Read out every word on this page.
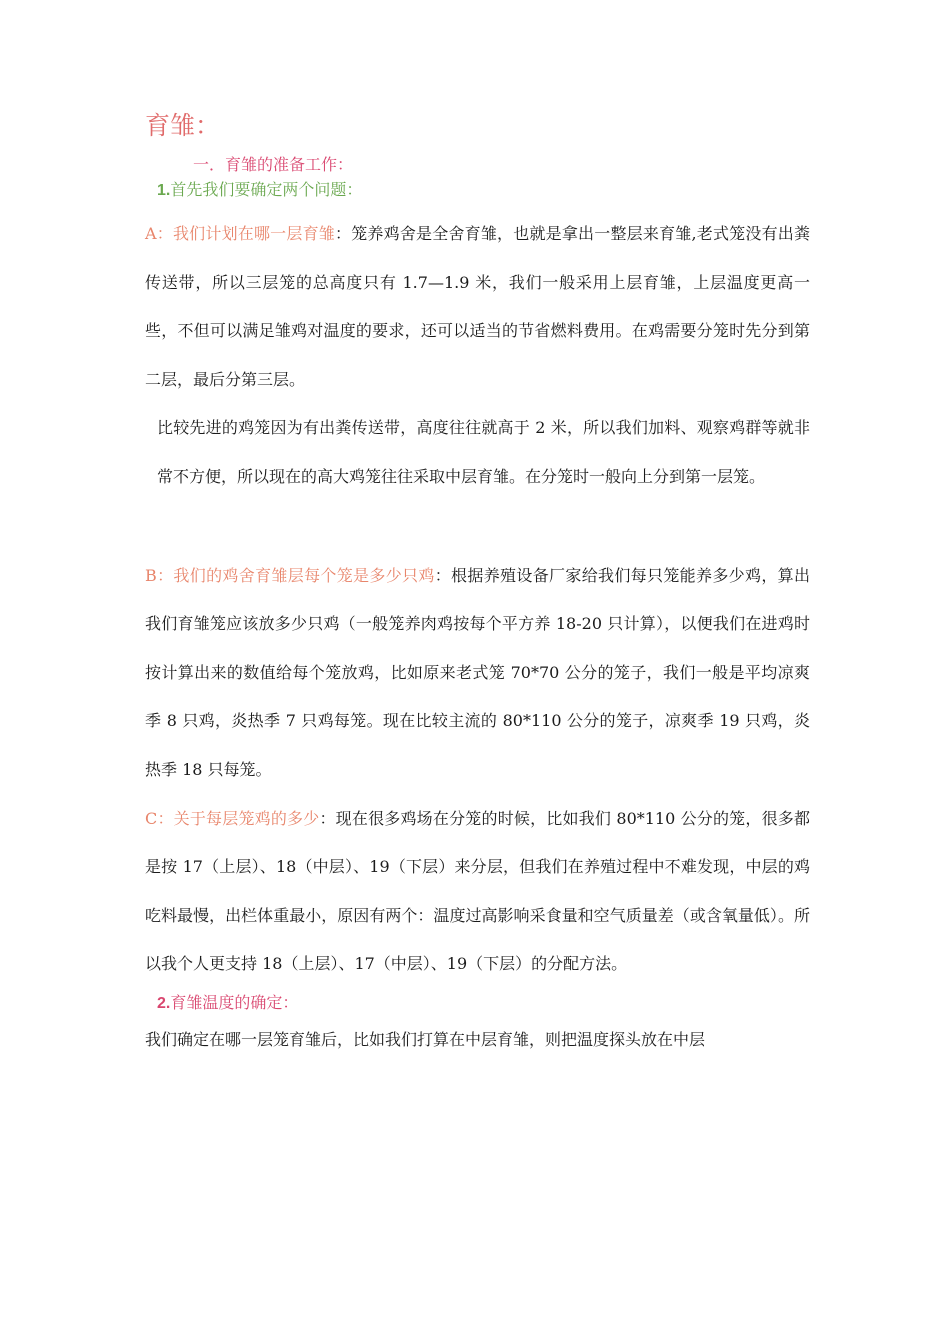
育雏：
一．育雏的准备工作：
1.首先我们要确定两个问题：

A：我们计划在哪一层育雏：笼养鸡舍是全舍育雏，也就是拿出一整层来育雏,老式笼没有出粪传送带，所以三层笼的总高度只有 1.7—1.9 米，我们一般采用上层育雏，上层温度更高一些，不但可以满足雏鸡对温度的要求，还可以适当的节省燃料费用。在鸡需要分笼时先分到第二层，最后分第三层。

比较先进的鸡笼因为有出粪传送带，高度往往就高于 2 米，所以我们加料、观察鸡群等就非常不方便，所以现在的高大鸡笼往往采取中层育雏。在分笼时一般向上分到第一层笼。

B：我们的鸡舍育雏层每个笼是多少只鸡：根据养殖设备厂家给我们每只笼能养多少鸡，算出我们育雏笼应该放多少只鸡（一般笼养肉鸡按每个平方养 18-20 只计算），以便我们在进鸡时按计算出来的数值给每个笼放鸡，比如原来老式笼 70*70 公分的笼子，我们一般是平均凉爽季 8 只鸡，炎热季 7 只鸡每笼。现在比较主流的 80*110 公分的笼子，凉爽季 19 只鸡，炎热季 18 只每笼。

C：关于每层笼鸡的多少：现在很多鸡场在分笼的时候，比如我们 80*110 公分的笼，很多都是按 17（上层）、18（中层）、19（下层）来分层，但我们在养殖过程中不难发现，中层的鸡吃料最慢，出栏体重最小，原因有两个：温度过高影响采食量和空气质量差（或含氧量低）。所以我个人更支持 18（上层）、17（中层）、19（下层）的分配方法。

2.育雏温度的确定：

我们确定在哪一层笼育雏后，比如我们打算在中层育雏，则把温度探头放在中层
